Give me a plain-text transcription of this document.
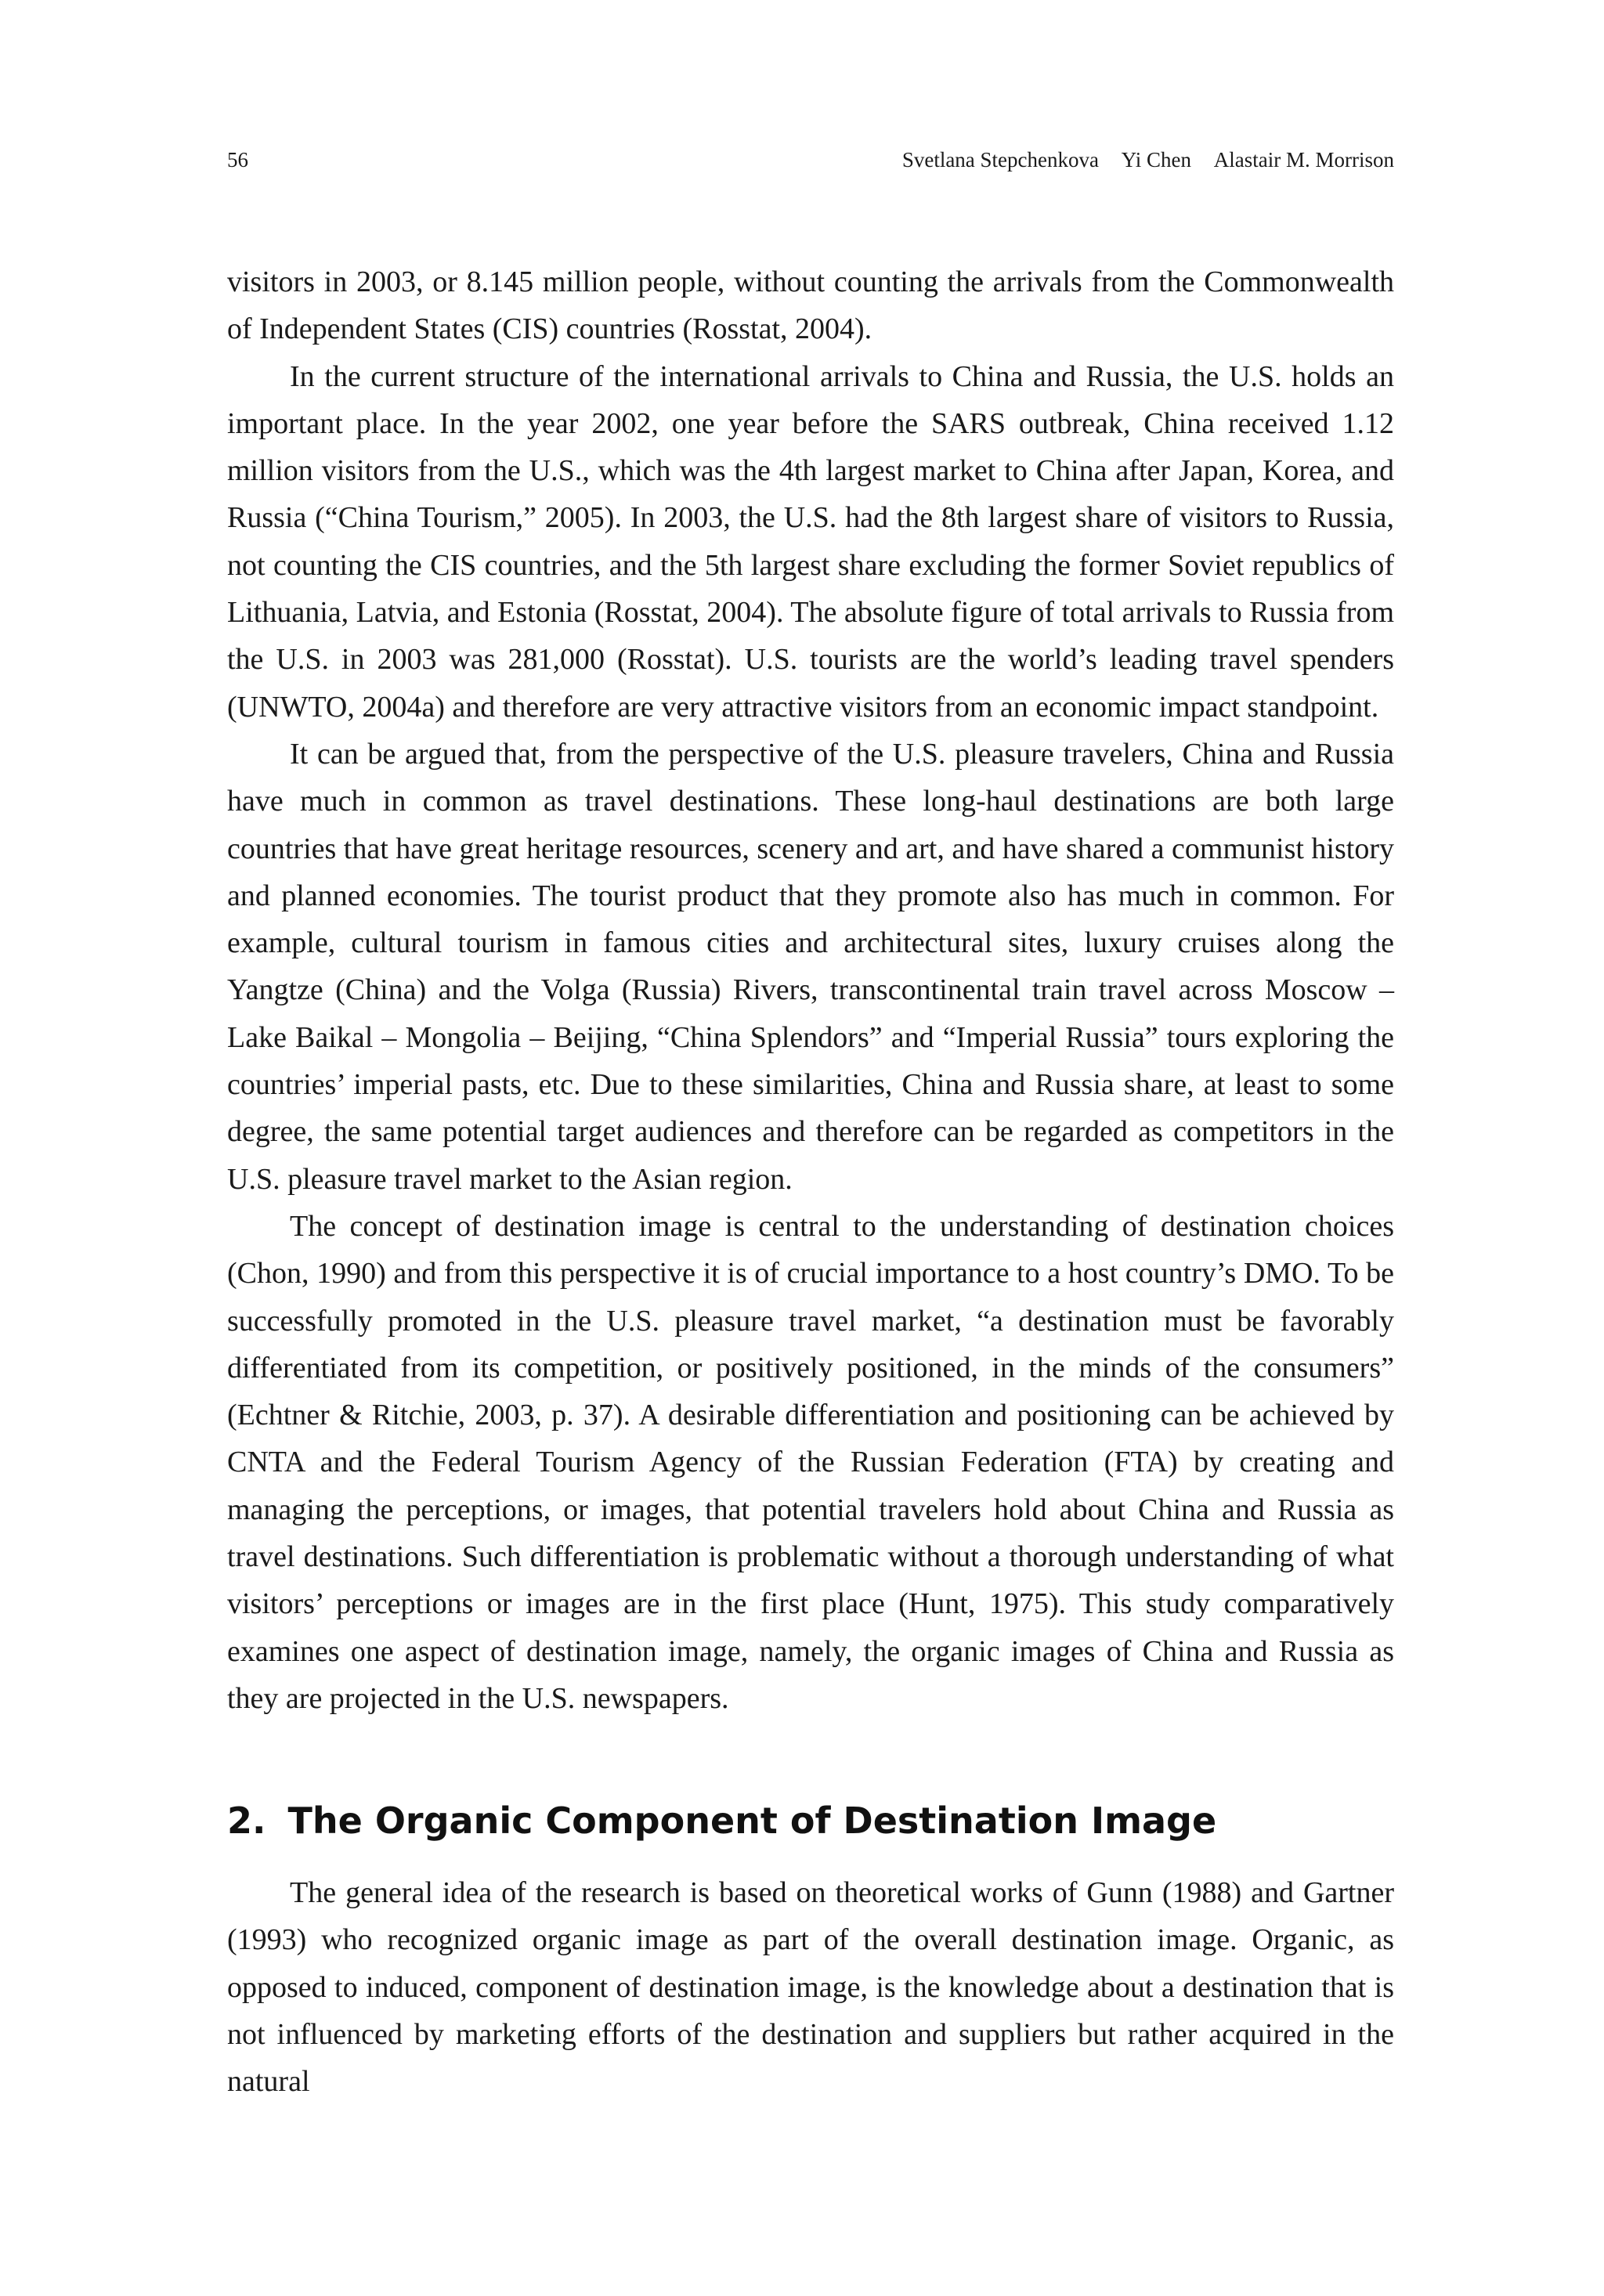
56	Svetlana Stepchenkova Yi Chen Alastair M. Morrison

visitors in 2003, or 8.145 million people, without counting the arrivals from the Commonwealth of Independent States (CIS) countries (Rosstat, 2004).

In the current structure of the international arrivals to China and Russia, the U.S. holds an important place. In the year 2002, one year before the SARS outbreak, China received 1.12 million visitors from the U.S., which was the 4th largest market to China after Japan, Korea, and Russia (“China Tourism,” 2005). In 2003, the U.S. had the 8th largest share of visitors to Russia, not counting the CIS countries, and the 5th largest share excluding the former Soviet republics of Lithuania, Latvia, and Estonia (Rosstat, 2004). The absolute figure of total arrivals to Russia from the U.S. in 2003 was 281,000 (Rosstat). U.S. tourists are the world’s leading travel spenders (UNWTO, 2004a) and therefore are very attractive visitors from an economic impact standpoint.

It can be argued that, from the perspective of the U.S. pleasure travelers, China and Russia have much in common as travel destinations. These long-haul destinations are both large countries that have great heritage resources, scenery and art, and have shared a communist history and planned economies. The tourist product that they promote also has much in common. For example, cultural tourism in famous cities and architectural sites, luxury cruises along the Yangtze (China) and the Volga (Russia) Rivers, transcontinental train travel across Moscow – Lake Baikal – Mongolia – Beijing, “China Splendors” and “Imperial Russia” tours exploring the countries’ imperial pasts, etc. Due to these similarities, China and Russia share, at least to some degree, the same potential target audiences and therefore can be regarded as competitors in the U.S. pleasure travel market to the Asian region.

The concept of destination image is central to the understanding of destination choices (Chon, 1990) and from this perspective it is of crucial importance to a host country’s DMO. To be successfully promoted in the U.S. pleasure travel market, “a destination must be favorably differentiated from its competition, or positively positioned, in the minds of the consumers” (Echtner & Ritchie, 2003, p. 37). A desirable differentiation and positioning can be achieved by CNTA and the Federal Tourism Agency of the Russian Federation (FTA) by creating and managing the perceptions, or images, that potential travelers hold about China and Russia as travel destinations. Such differentiation is problematic without a thorough understanding of what visitors’ perceptions or images are in the first place (Hunt, 1975). This study comparatively examines one aspect of destination image, namely, the organic images of China and Russia as they are projected in the U.S. newspapers.

2. The Organic Component of Destination Image

The general idea of the research is based on theoretical works of Gunn (1988) and Gartner (1993) who recognized organic image as part of the overall destination image. Organic, as opposed to induced, component of destination image, is the knowledge about a destination that is not influenced by marketing efforts of the destination and suppliers but rather acquired in the natural
